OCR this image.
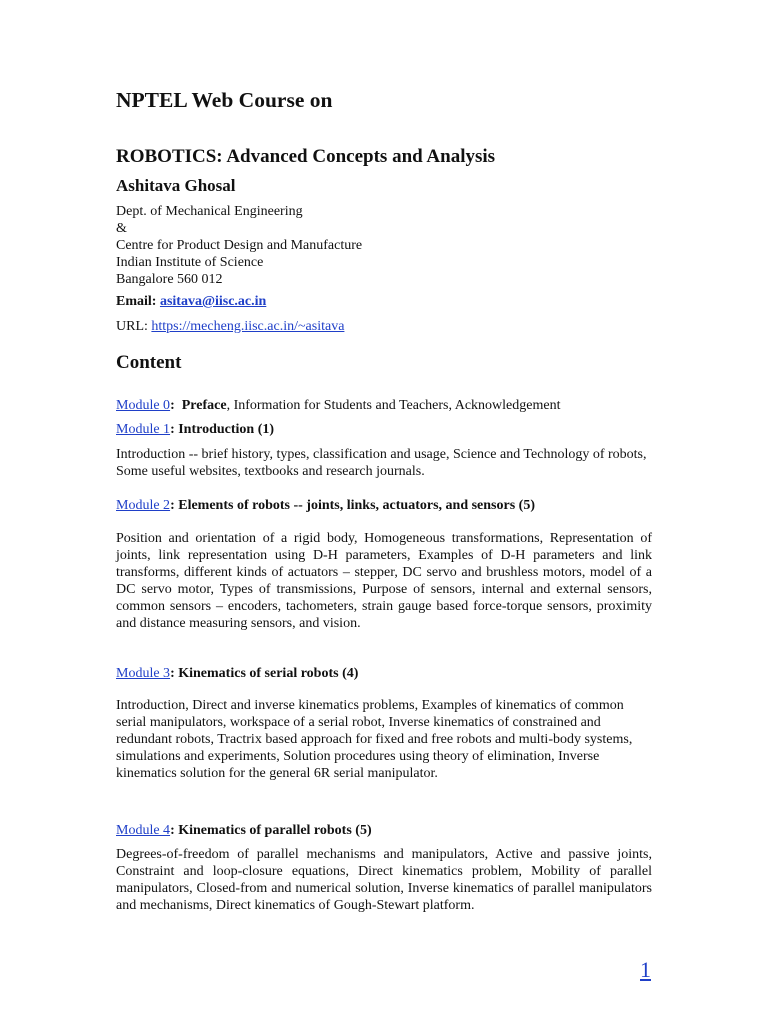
NPTEL Web Course on
ROBOTICS: Advanced Concepts and Analysis
Ashitava Ghosal
Dept. of Mechanical Engineering
&
Centre for Product Design and Manufacture
Indian Institute of Science
Bangalore 560 012
Email: asitava@iisc.ac.in
URL: https://mecheng.iisc.ac.in/~asitava
Content
Module 0: Preface, Information for Students and Teachers, Acknowledgement
Module 1: Introduction (1)
Introduction -- brief history, types, classification and usage, Science and Technology of robots, Some useful websites, textbooks and research journals.
Module 2: Elements of robots -- joints, links, actuators, and sensors (5)
Position and orientation of a rigid body, Homogeneous transformations, Representation of joints, link representation using D-H parameters, Examples of D-H parameters and link transforms, different kinds of actuators – stepper, DC servo and brushless motors, model of a DC servo motor, Types of transmissions, Purpose of sensors, internal and external sensors, common sensors – encoders, tachometers, strain gauge based force-torque sensors, proximity and distance measuring sensors, and vision.
Module 3: Kinematics of serial robots (4)
Introduction, Direct and inverse kinematics problems, Examples of kinematics of common serial manipulators, workspace of a serial robot, Inverse kinematics of constrained and redundant robots, Tractrix based approach for fixed and free robots and multi-body systems, simulations and experiments, Solution procedures using theory of elimination, Inverse kinematics solution for the general 6R serial manipulator.
Module 4: Kinematics of parallel robots (5)
Degrees-of-freedom of parallel mechanisms and manipulators, Active and passive joints, Constraint and loop-closure equations, Direct kinematics problem, Mobility of parallel manipulators, Closed-from and numerical solution, Inverse kinematics of parallel manipulators and mechanisms, Direct kinematics of Gough-Stewart platform.
1
